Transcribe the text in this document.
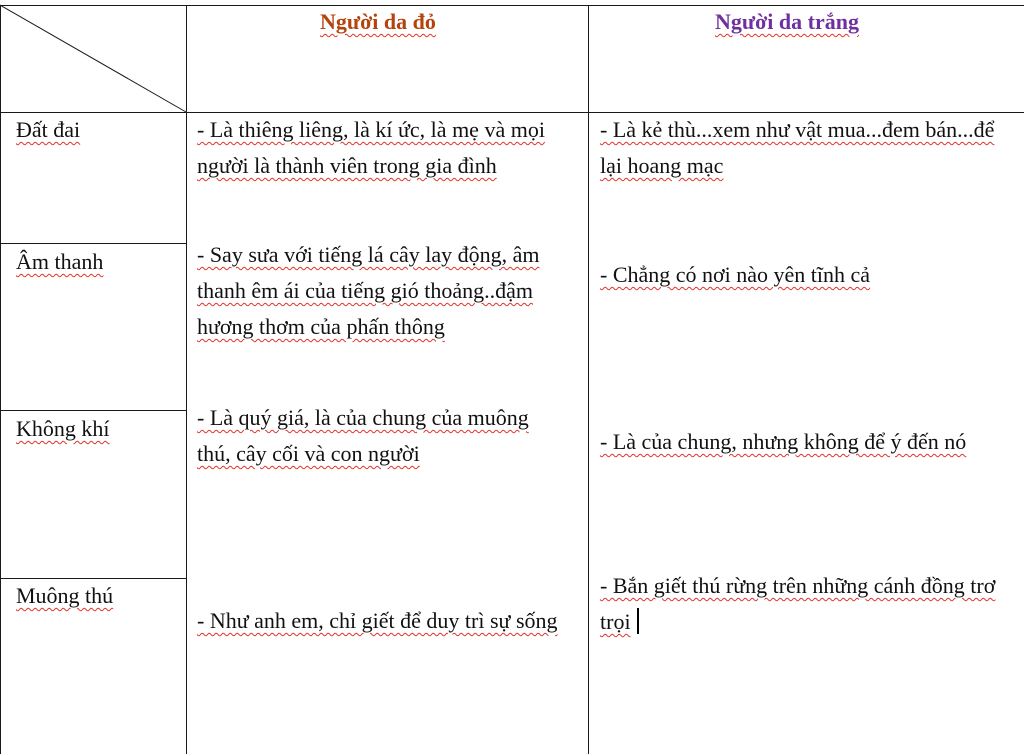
Người da đỏ	Người da trắng
Đất đai
Âm thanh
Không khí
Muông thú
- Là thiêng liêng, là kí ức, là mẹ và mọi người là thành viên trong gia đình
- Say sưa với tiếng lá cây lay động, âm thanh êm ái của tiếng gió thoảng..đậm hương thơm của phấn thông
- Là quý giá, là của chung của muông thú, cây cối và con người
- Như anh em, chỉ giết để duy trì sự sống
- Là kẻ thù...xem như vật mua...đem bán...để lại hoang mạc
- Chẳng có nơi nào yên tĩnh cả
- Là của chung, nhưng không để ý đến nó
- Bắn giết thú rừng trên những cánh đồng trơ trọi
